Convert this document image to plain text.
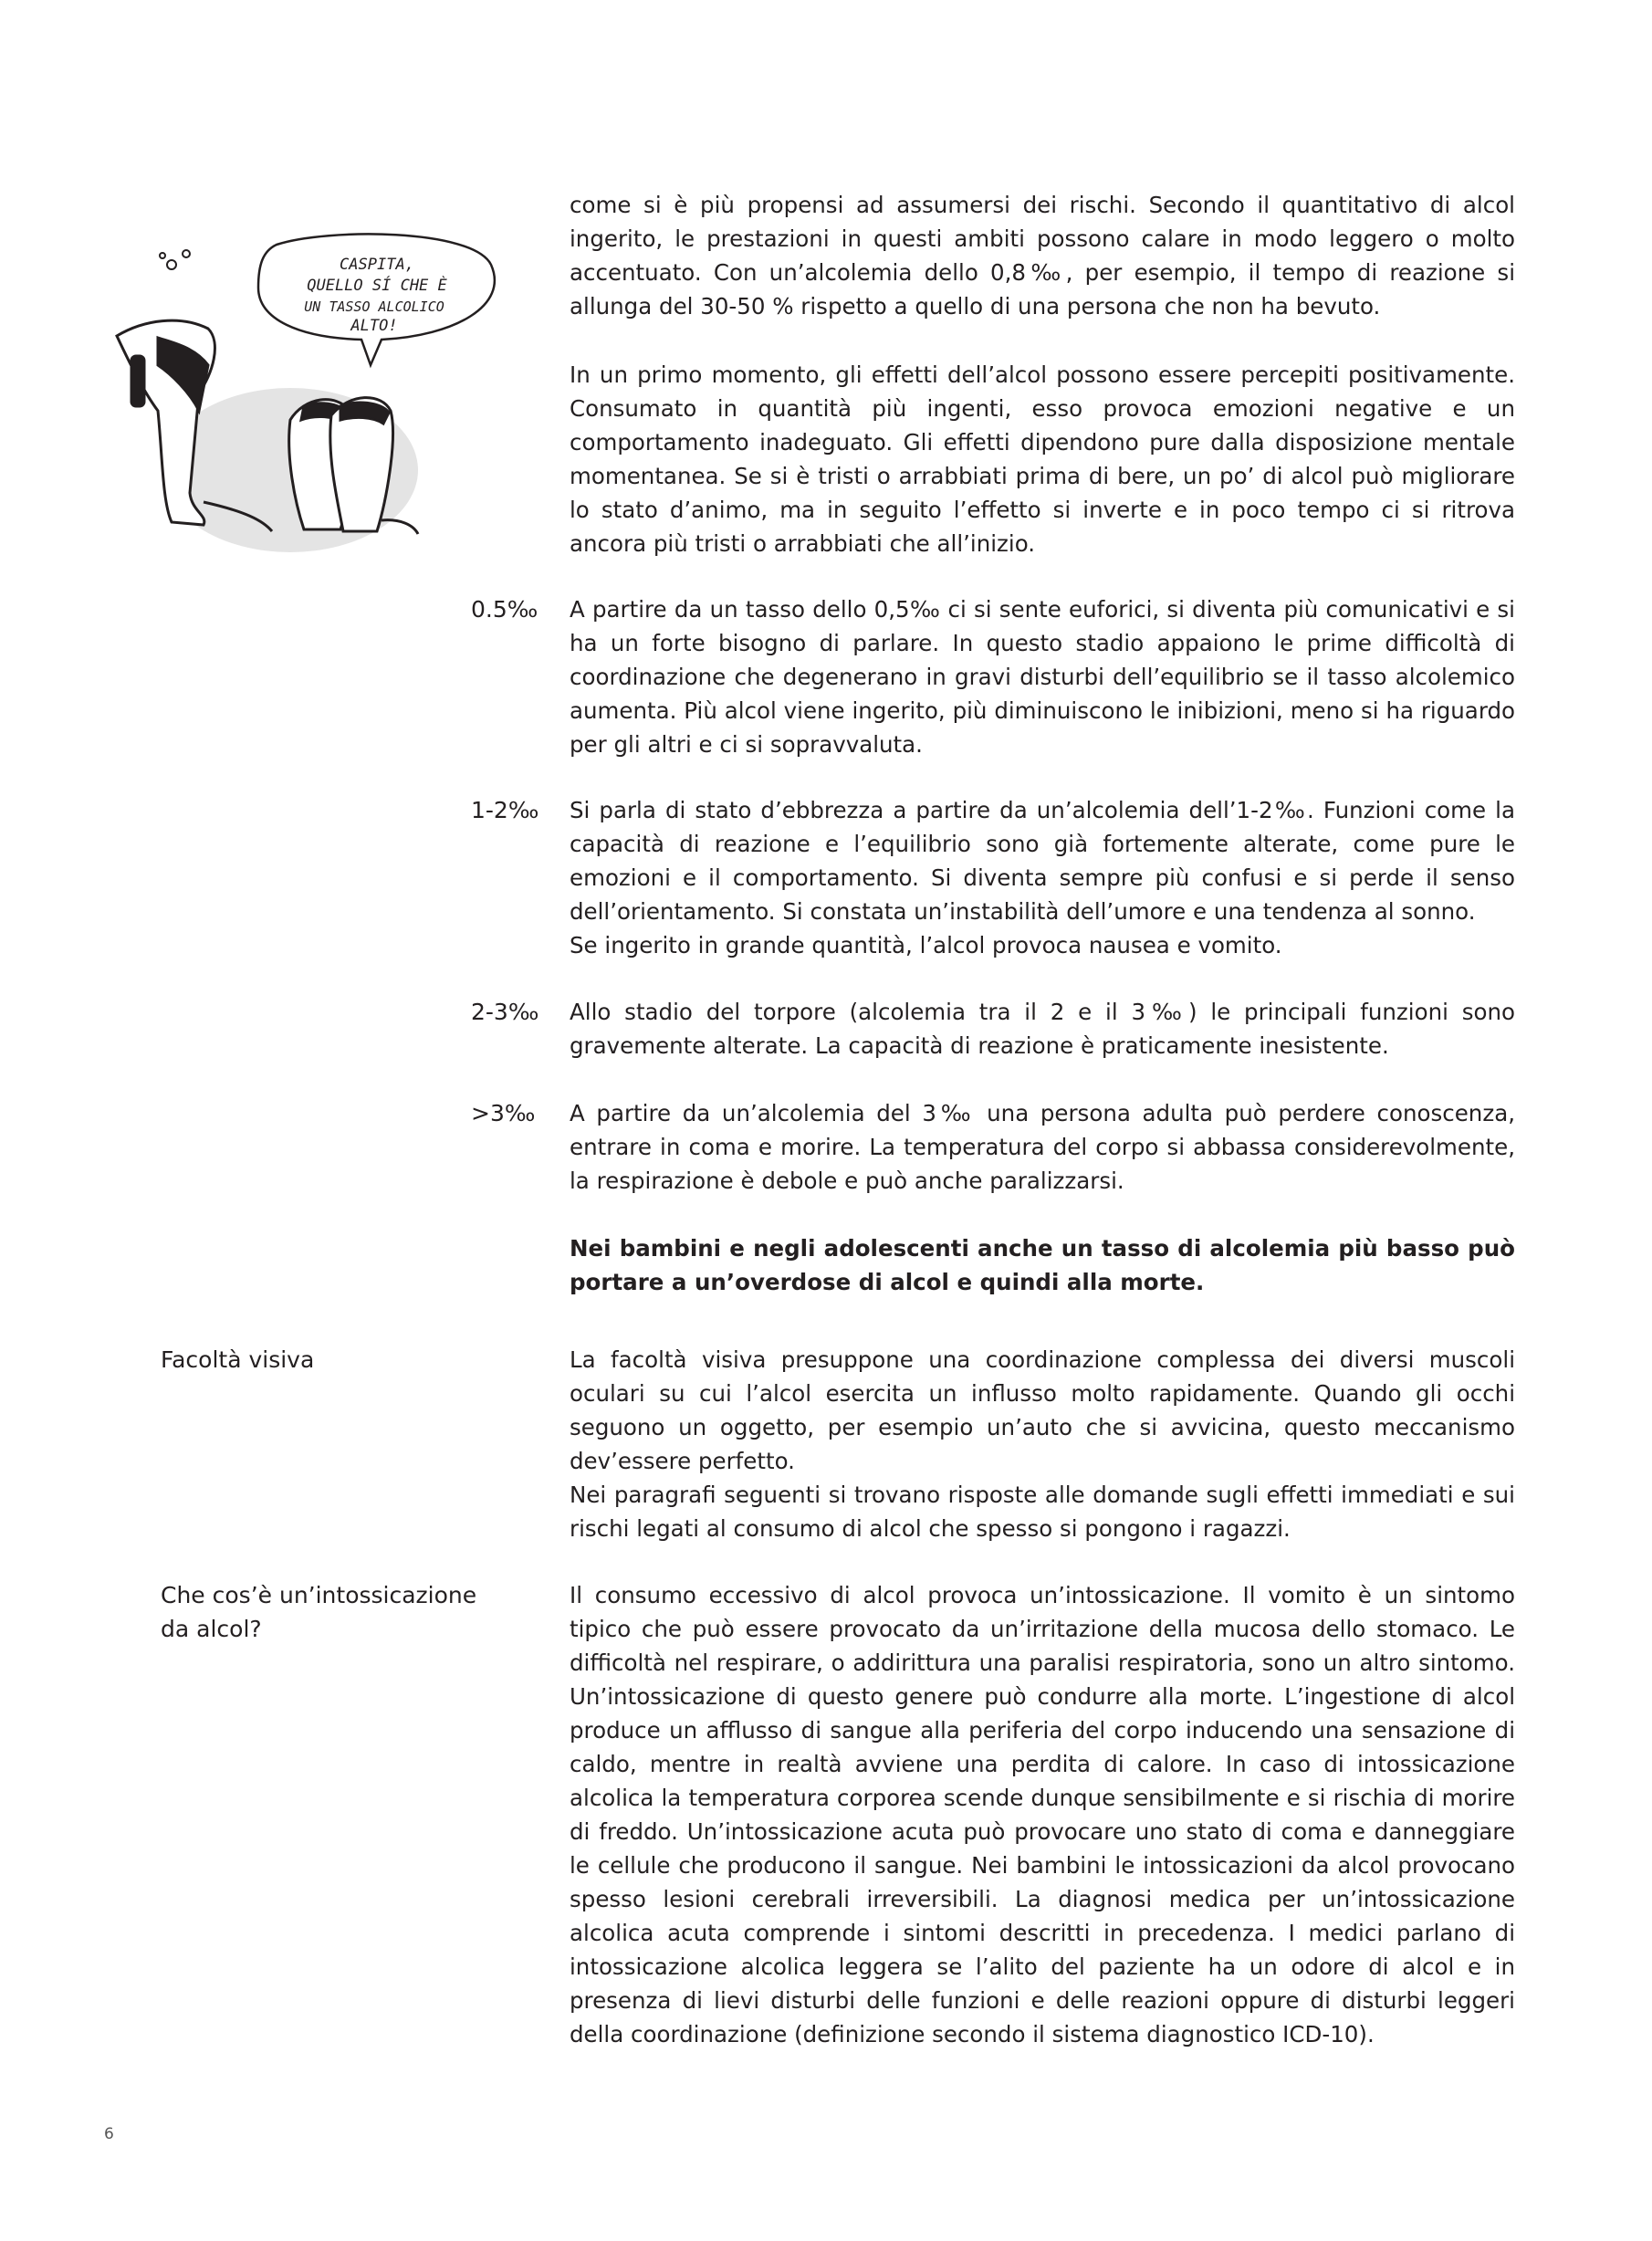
CASPITA,
QUELLO SÍ CHE È
UN TASSO ALCOLICO
ALTO!

come si è più propensi ad assumersi dei rischi. Secondo il quantitativo di alcol ingerito, le prestazioni in questi ambiti possono calare in modo leggero o molto accentuato. Con un’alcolemia dello 0,8‰, per esempio, il tempo di reazione si allunga del 30-50 % rispetto a quello di una persona che non ha bevuto.

In un primo momento, gli effetti dell’alcol possono essere percepiti positivamente. Consumato in quantità più ingenti, esso provoca emozioni negative e un comportamento inadeguato. Gli effetti dipendono pure dalla disposizione mentale momentanea. Se si è tristi o arrabbiati prima di bere, un po’ di alcol può migliorare lo stato d’animo, ma in seguito l’effetto si inverte e in poco tempo ci si ritrova ancora più tristi o arrabbiati che all’inizio.

0.5‰ A partire da un tasso dello 0,5‰ ci si sente euforici, si diventa più comunicativi e si ha un forte bisogno di parlare. In questo stadio appaiono le prime difficoltà di coordinazione che degenerano in gravi disturbi dell’equilibrio se il tasso alcolemico aumenta. Più alcol viene ingerito, più diminuiscono le inibizioni, meno si ha riguardo per gli altri e ci si sopravvaluta.

1-2‰ Si parla di stato d’ebbrezza a partire da un’alcolemia dell’1-2‰. Funzioni come la capacità di reazione e l’equilibrio sono già fortemente alterate, come pure le emozioni e il comportamento. Si diventa sempre più confusi e si perde il senso dell’orientamento. Si constata un’instabilità dell’umore e una tendenza al sonno.

Se ingerito in grande quantità, l’alcol provoca nausea e vomito.

2-3‰ Allo stadio del torpore (alcolemia tra il 2 e il 3‰) le principali funzioni sono gravemente alterate. La capacità di reazione è praticamente inesistente.

>3‰ A partire da un’alcolemia del 3‰ una persona adulta può perdere conoscenza, entrare in coma e morire. La temperatura del corpo si abbassa considerevolmente, la respirazione è debole e può anche paralizzarsi.

Nei bambini e negli adolescenti anche un tasso di alcolemia più basso può portare a un’overdose di alcol e quindi alla morte.

Facoltà visiva	La facoltà visiva presuppone una coordinazione complessa dei diversi muscoli oculari su cui l’alcol esercita un influsso molto rapidamente. Quando gli occhi seguono un oggetto, per esempio un’auto che si avvicina, questo meccanismo dev’essere perfetto.

Nei paragrafi seguenti si trovano risposte alle domande sugli effetti immediati e sui rischi legati al consumo di alcol che spesso si pongono i ragazzi.

Che cos’è un’intossicazione da alcol?

Il consumo eccessivo di alcol provoca un’intossicazione. Il vomito è un sintomo tipico che può essere provocato da un’irritazione della mucosa dello stomaco. Le difficoltà nel respirare, o addirittura una paralisi respiratoria, sono un altro sintomo. Un’intossicazione di questo genere può condurre alla morte. L’ingestione di alcol produce un afflusso di sangue alla periferia del corpo inducendo una sensazione di caldo, mentre in realtà avviene una perdita di calore. In caso di intossicazione alcolica la temperatura corporea scende dunque sensibilmente e si rischia di morire di freddo. Un’intossicazione acuta può provocare uno stato di coma e danneggiare le cellule che producono il sangue. Nei bambini le intossicazioni da alcol provocano spesso lesioni cerebrali irreversibili. La diagnosi medica per un’intossicazione alcolica acuta comprende i sintomi descritti in precedenza. I medici parlano di intossicazione alcolica leggera se l’alito del paziente ha un odore di alcol e in presenza di lievi disturbi delle funzioni e delle reazioni oppure di disturbi leggeri della coordinazione (definizione secondo il sistema diagnostico ICD-10).

6
